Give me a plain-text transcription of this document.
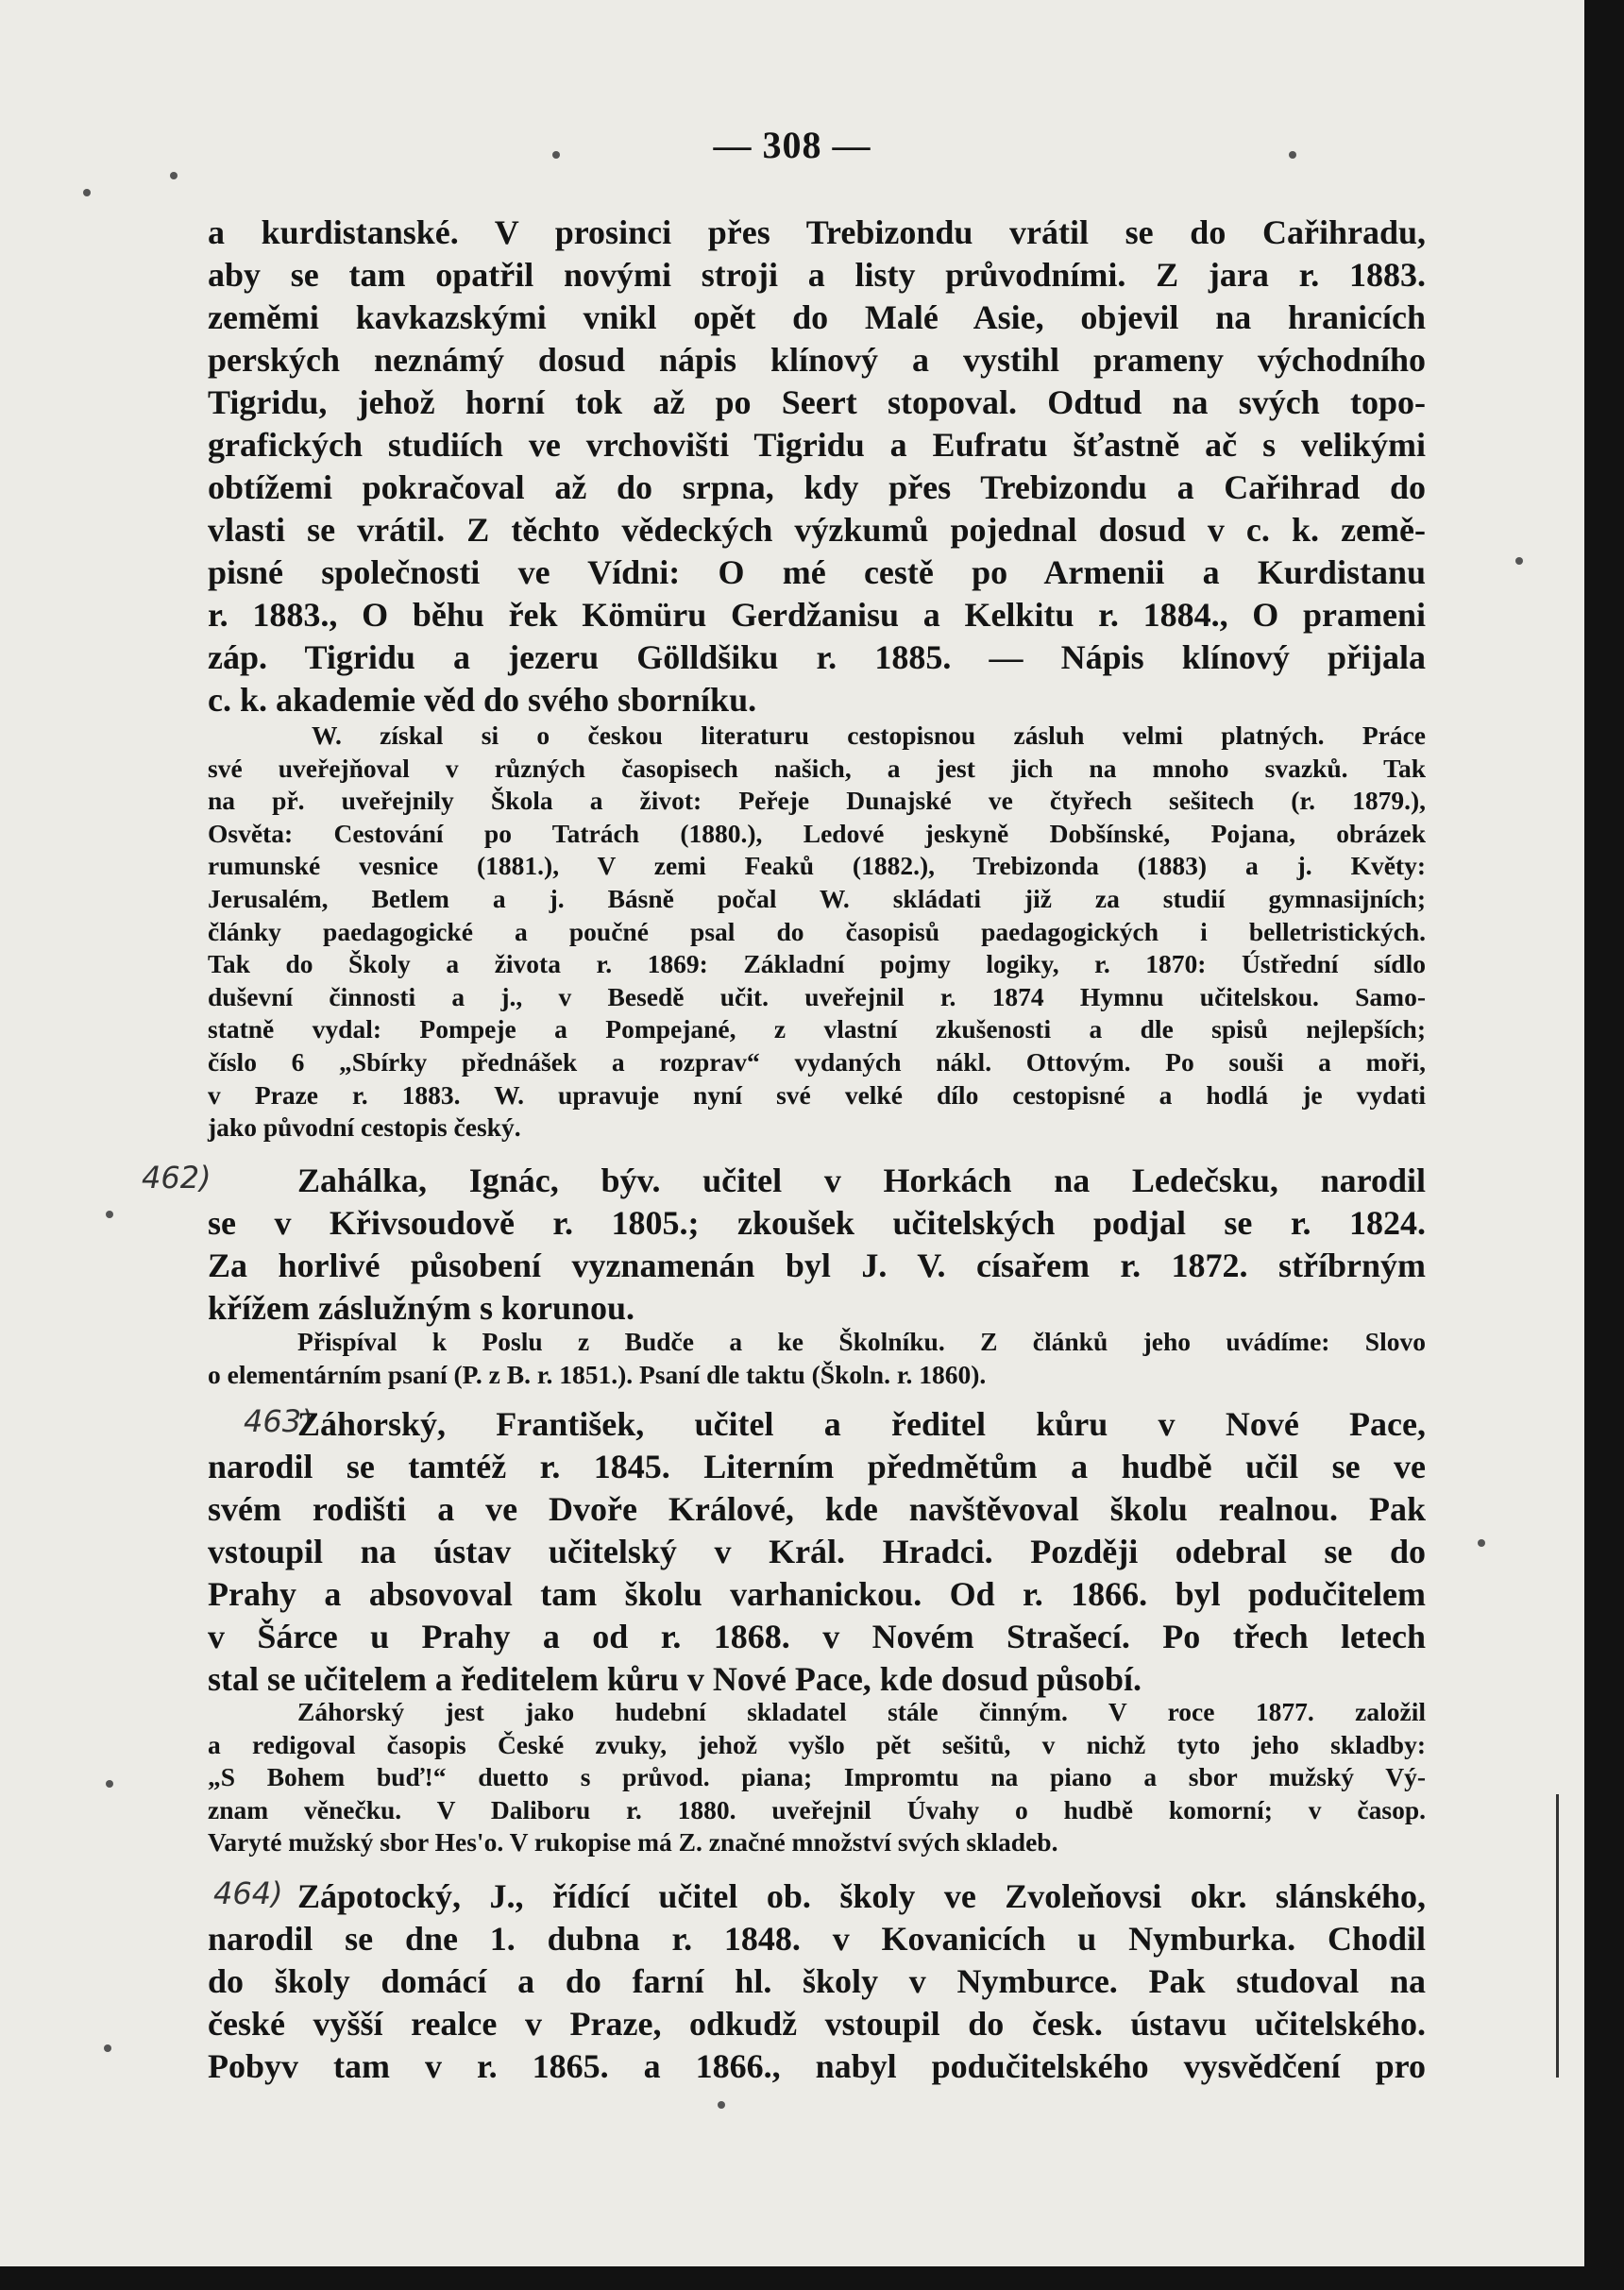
— 308 —
a kurdistanské. V prosinci přes Trebizondu vrátil se do Cařihradu,
aby se tam opatřil novými stroji a listy průvodními. Z jara r. 1883.
zeměmi kavkazskými vnikl opět do Malé Asie, objevil na hranicích
perských neznámý dosud nápis klínový a vystihl prameny východního
Tigridu, jehož horní tok až po Seert stopoval. Odtud na svých topo-
grafických studiích ve vrchovišti Tigridu a Eufratu šťastně ač s velikými
obtížemi pokračoval až do srpna, kdy přes Trebizondu a Cařihrad do
vlasti se vrátil. Z těchto vědeckých výzkumů pojednal dosud v c. k. země-
pisné společnosti ve Vídni: O mé cestě po Armenii a Kurdistanu
r. 1883., O běhu řek Kömüru Gerdžanisu a Kelkitu r. 1884., O prameni
záp. Tigridu a jezeru Gölldšiku r. 1885. — Nápis klínový přijala
c. k. akademie věd do svého sborníku.
W. získal si o českou literaturu cestopisnou zásluh velmi platných. Práce
své uveřejňoval v různých časopisech našich, a jest jich na mnoho svazků. Tak
na př. uveřejnily Škola a život: Peřeje Dunajské ve čtyřech sešitech (r. 1879.),
Osvěta: Cestování po Tatrách (1880.), Ledové jeskyně Dobšínské, Pojana, obrázek
rumunské vesnice (1881.), V zemi Feaků (1882.), Trebizonda (1883) a j. Květy:
Jerusalém, Betlem a j. Básně počal W. skládati již za studií gymnasijních;
články paedagogické a poučné psal do časopisů paedagogických i belletristických.
Tak do Školy a života r. 1869: Základní pojmy logiky, r. 1870: Ústřední sídlo
duševní činnosti a j., v Besedě učit. uveřejnil r. 1874 Hymnu učitelskou. Samo-
statně vydal: Pompeje a Pompejané, z vlastní zkušenosti a dle spisů nejlepších;
číslo 6 „Sbírky přednášek a rozprav“ vydaných nákl. Ottovým. Po souši a moři,
v Praze r. 1883. W. upravuje nyní své velké dílo cestopisné a hodlá je vydati
jako původní cestopis český.
462)	Zahálka, Ignác, býv. učitel v Horkách na Ledečsku, narodil
se v Křivsoudově r. 1805.; zkoušek učitelských podjal se r. 1824.
Za horlivé působení vyznamenán byl J. V. císařem r. 1872. stříbrným
křížem záslužným s korunou.
Přispíval k Poslu z Budče a ke Školníku. Z článků jeho uvádíme: Slovo
o elementárním psaní (P. z B. r. 1851.). Psaní dle taktu (Školn. r. 1860).
463)
Záhorský, František, učitel a ředitel kůru v Nové Pace,
narodil se tamtéž r. 1845. Literním předmětům a hudbě učil se ve
svém rodišti a ve Dvoře Králové, kde navštěvoval školu realnou. Pak
vstoupil na ústav učitelský v Král. Hradci. Později odebral se do
Prahy a absovoval tam školu varhanickou. Od r. 1866. byl podučitelem
v Šárce u Prahy a od r. 1868. v Novém Strašecí. Po třech letech
stal se učitelem a ředitelem kůru v Nové Pace, kde dosud působí.
Záhorský jest jako hudební skladatel stále činným. V roce 1877. založil
a redigoval časopis České zvuky, jehož vyšlo pět sešitů, v nichž tyto jeho skladby:
„S Bohem buď!“ duetto s průvod. piana; Impromtu na piano a sbor mužský Vý-
znam věnečku. V Daliboru r. 1880. uveřejnil Úvahy o hudbě komorní; v časop.
Varyté mužský sbor Hes'o. V rukopise má Z. značné množství svých skladeb.
464) Zápotocký, J., řídící učitel ob. školy ve Zvoleňovsi okr. slánského,
narodil se dne 1. dubna r. 1848. v Kovanicích u Nymburka. Chodil
do školy domácí a do farní hl. školy v Nymburce. Pak studoval na
české vyšší realce v Praze, odkudž vstoupil do česk. ústavu učitelského.
Pobyv tam v r. 1865. a 1866., nabyl podučitelského vysvědčení pro
